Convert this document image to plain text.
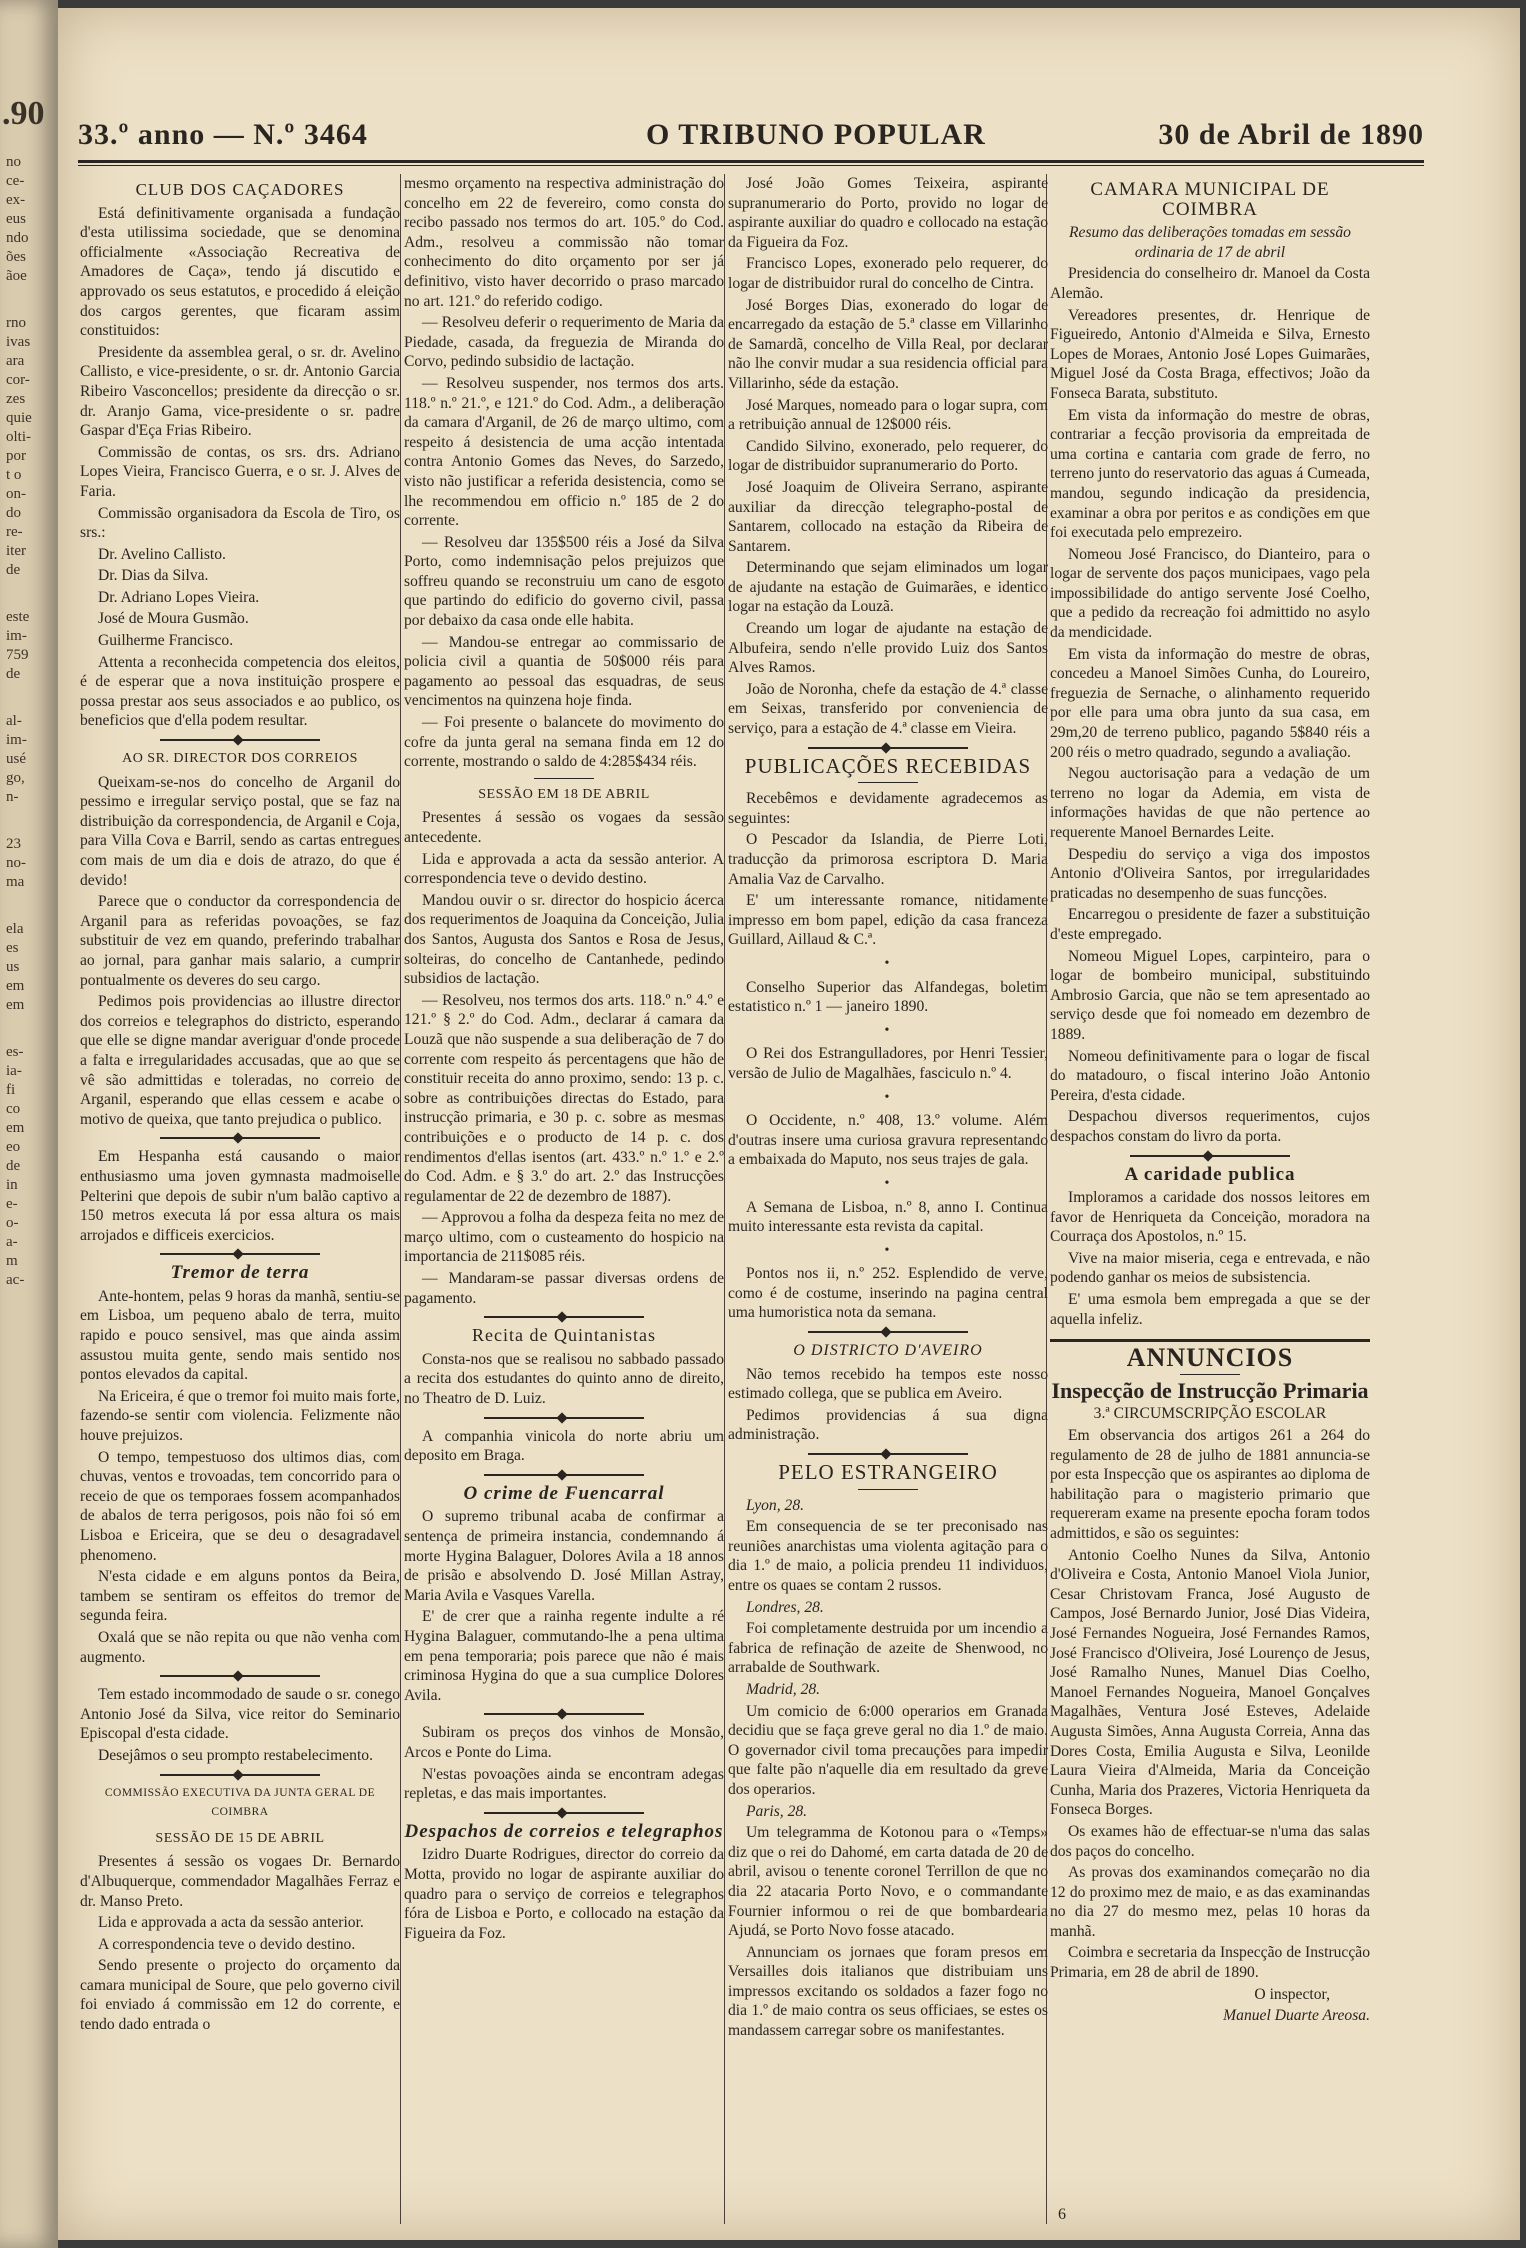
.90
no
ce-
ex-
eus
ndo
ões
ãoe
rno
ivas
ara
cor-
zes
quie
olti-
por
t o
on-
do
re-
iter
de
este
im-
759
de
al-
im-
usé
go,
n-
23
no-
ma
ela
es
us
em
em
es-
ia-
fi
co
em
eo
de
in
e-
o-
a-
m
ac-
33.º anno — N.º 3464	O TRIBUNO POPULAR	30 de Abril de 1890
CLUB DOS CAÇADORES

Está definitivamente organisada a fundação d'esta utilissima sociedade, que se denomina officialmente «Associação Recreativa de Amadores de Caça», tendo já discutido e approvado os seus estatutos, e procedido á eleição dos cargos gerentes, que ficaram assim constituidos:

Presidente da assemblea geral, o sr. dr. Avelino Callisto, e vice-presidente, o sr. dr. Antonio Garcia Ribeiro Vasconcellos; presidente da direcção o sr. dr. Aranjo Gama, vice-presidente o sr. padre Gaspar d'Eça Frias Ribeiro.

Commissão de contas, os srs. drs. Adriano Lopes Vieira, Francisco Guerra, e o sr. J. Alves de Faria.

Commissão organisadora da Escola de Tiro, os srs.:

Dr. Avelino Callisto.

Dr. Dias da Silva.

Dr. Adriano Lopes Vieira.

José de Moura Gusmão.

Guilherme Francisco.

Attenta a reconhecida competencia dos eleitos, é de esperar que a nova instituição prospere e possa prestar aos seus associados e ao publico, os beneficios que d'ella podem resultar.

AO SR. DIRECTOR DOS CORREIOS

Queixam-se-nos do concelho de Arganil do pessimo e irregular serviço postal, que se faz na distribuição da correspondencia, de Arganil e Coja, para Villa Cova e Barril, sendo as cartas entregues com mais de um dia e dois de atrazo, do que é devido!

Parece que o conductor da correspondencia de Arganil para as referidas povoações, se faz substituir de vez em quando, preferindo trabalhar ao jornal, para ganhar mais salario, a cumprir pontualmente os deveres do seu cargo.

Pedimos pois providencias ao illustre director dos correios e telegraphos do districto, esperando que elle se digne mandar averiguar d'onde procede a falta e irregularidades accusadas, que ao que se vê são admittidas e toleradas, no correio de Arganil, esperando que ellas cessem e acabe o motivo de queixa, que tanto prejudica o publico.

Em Hespanha está causando o maior enthusiasmo uma joven gymnasta madmoiselle Pelterini que depois de subir n'um balão captivo a 150 metros executa lá por essa altura os mais arrojados e difficeis exercicios.

Tremor de terra

Ante-hontem, pelas 9 horas da manhã, sentiu-se em Lisboa, um pequeno abalo de terra, muito rapido e pouco sensivel, mas que ainda assim assustou muita gente, sendo mais sentido nos pontos elevados da capital.

Na Ericeira, é que o tremor foi muito mais forte, fazendo-se sentir com violencia. Felizmente não houve prejuizos.

O tempo, tempestuoso dos ultimos dias, com chuvas, ventos e trovoadas, tem concorrido para o receio de que os temporaes fossem acompanhados de abalos de terra perigosos, pois não foi só em Lisboa e Ericeira, que se deu o desagradavel phenomeno.

N'esta cidade e em alguns pontos da Beira, tambem se sentiram os effeitos do tremor de segunda feira.

Oxalá que se não repita ou que não venha com augmento.

Tem estado incommodado de saude o sr. conego Antonio José da Silva, vice reitor do Seminario Episcopal d'esta cidade.

Desejâmos o seu prompto restabelecimento.

COMMISSÃO EXECUTIVA DA JUNTA GERAL DE COIMBRA
SESSÃO DE 15 DE ABRIL

Presentes á sessão os vogaes Dr. Bernardo d'Albuquerque, commendador Magalhães Ferraz e dr. Manso Preto.

Lida e approvada a acta da sessão anterior.

A correspondencia teve o devido destino.

Sendo presente o projecto do orçamento da camara municipal de Soure, que pelo governo civil foi enviado á commissão em 12 do corrente, e tendo dado entrada o

mesmo orçamento na respectiva administração do concelho em 22 de fevereiro, como consta do recibo passado nos termos do art. 105.º do Cod. Adm., resolveu a commissão não tomar conhecimento do dito orçamento por ser já definitivo, visto haver decorrido o praso marcado no art. 121.º do referido codigo.

— Resolveu deferir o requerimento de Maria da Piedade, casada, da freguezia de Miranda do Corvo, pedindo subsidio de lactação.

— Resolveu suspender, nos termos dos arts. 118.º n.º 21.º, e 121.º do Cod. Adm., a deliberação da camara d'Arganil, de 26 de março ultimo, com respeito á desistencia de uma acção intentada contra Antonio Gomes das Neves, do Sarzedo, visto não justificar a referida desistencia, como se lhe recommendou em officio n.º 185 de 2 do corrente.

— Resolveu dar 135$500 réis a José da Silva Porto, como indemnisação pelos prejuizos que soffreu quando se reconstruiu um cano de esgoto que partindo do edificio do governo civil, passa por debaixo da casa onde elle habita.

— Mandou-se entregar ao commissario de policia civil a quantia de 50$000 réis para pagamento ao pessoal das esquadras, de seus vencimentos na quinzena hoje finda.

— Foi presente o balancete do movimento do cofre da junta geral na semana finda em 12 do corrente, mostrando o saldo de 4:285$434 réis.

SESSÃO EM 18 DE ABRIL

Presentes á sessão os vogaes da sessão antecedente.

Lida e approvada a acta da sessão anterior. A correspondencia teve o devido destino.

Mandou ouvir o sr. director do hospicio ácerca dos requerimentos de Joaquina da Conceição, Julia dos Santos, Augusta dos Santos e Rosa de Jesus, solteiras, do concelho de Cantanhede, pedindo subsidios de lactação.

— Resolveu, nos termos dos arts. 118.º n.º 4.º e 121.º § 2.º do Cod. Adm., declarar á camara da Louzã que não suspende a sua deliberação de 7 do corrente com respeito ás percentagens que hão de constituir receita do anno proximo, sendo: 13 p. c. sobre as contribuições directas do Estado, para instrucção primaria, e 30 p. c. sobre as mesmas contribuições e o producto de 14 p. c. dos rendimentos d'ellas isentos (art. 433.º n.º 1.º e 2.º do Cod. Adm. e § 3.º do art. 2.º das Instrucções regulamentar de 22 de dezembro de 1887).

— Approvou a folha da despeza feita no mez de março ultimo, com o custeamento do hospicio na importancia de 211$085 réis.

— Mandaram-se passar diversas ordens de pagamento.

Recita de Quintanistas

Consta-nos que se realisou no sabbado passado a recita dos estudantes do quinto anno de direito, no Theatro de D. Luiz.

A companhia vinicola do norte abriu um deposito em Braga.

O crime de Fuencarral

O supremo tribunal acaba de confirmar a sentença de primeira instancia, condemnando á morte Hygina Balaguer, Dolores Avila a 18 annos de prisão e absolvendo D. José Millan Astray, Maria Avila e Vasques Varella.

E' de crer que a rainha regente indulte a ré Hygina Balaguer, commutando-lhe a pena ultima em pena temporaria; pois parece que não é mais criminosa Hygina do que a sua cumplice Dolores Avila.

Subiram os preços dos vinhos de Monsão, Arcos e Ponte do Lima.

N'estas povoações ainda se encontram adegas repletas, e das mais importantes.

Despachos de correios e telegraphos

Izidro Duarte Rodrigues, director do correio da Motta, provido no logar de aspirante auxiliar do quadro para o serviço de correios e telegraphos fóra de Lisboa e Porto, e collocado na estação da Figueira da Foz.

José João Gomes Teixeira, aspirante supranumerario do Porto, provido no logar de aspirante auxiliar do quadro e collocado na estação da Figueira da Foz.

Francisco Lopes, exonerado pelo requerer, do logar de distribuidor rural do concelho de Cintra.

José Borges Dias, exonerado do logar de encarregado da estação de 5.ª classe em Villarinho de Samardã, concelho de Villa Real, por declarar não lhe convir mudar a sua residencia official para Villarinho, séde da estação.

José Marques, nomeado para o logar supra, com a retribuição annual de 12$000 réis.

Candido Silvino, exonerado, pelo requerer, do logar de distribuidor supranumerario do Porto.

José Joaquim de Oliveira Serrano, aspirante auxiliar da direcção telegrapho-postal de Santarem, collocado na estação da Ribeira de Santarem.

Determinando que sejam eliminados um logar de ajudante na estação de Guimarães, e identico logar na estação da Louzã.

Creando um logar de ajudante na estação de Albufeira, sendo n'elle provido Luiz dos Santos Alves Ramos.

João de Noronha, chefe da estação de 4.ª classe em Seixas, transferido por conveniencia de serviço, para a estação de 4.ª classe em Vieira.

PUBLICAÇÕES RECEBIDAS

Recebêmos e devidamente agradecemos as seguintes:

O Pescador da Islandia, de Pierre Loti, traducção da primorosa escriptora D. Maria Amalia Vaz de Carvalho.

E' um interessante romance, nitidamente impresso em bom papel, edição da casa franceza Guillard, Aillaud & C.ª.

•

Conselho Superior das Alfandegas, boletim estatistico n.º 1 — janeiro 1890.

•

O Rei dos Estrangulladores, por Henri Tessier, versão de Julio de Magalhães, fasciculo n.º 4.

•

O Occidente, n.º 408, 13.º volume. Além d'outras insere uma curiosa gravura representando a embaixada do Maputo, nos seus trajes de gala.

•

A Semana de Lisboa, n.º 8, anno I. Continua muito interessante esta revista da capital.

•

Pontos nos ii, n.º 252. Esplendido de verve, como é de costume, inserindo na pagina central uma humoristica nota da semana.

O DISTRICTO D'AVEIRO

Não temos recebido ha tempos este nosso estimado collega, que se publica em Aveiro.

Pedimos providencias á sua digna administração.

PELO ESTRANGEIRO

Lyon, 28.

Em consequencia de se ter preconisado nas reuniões anarchistas uma violenta agitação para o dia 1.º de maio, a policia prendeu 11 individuos, entre os quaes se contam 2 russos.

Londres, 28.

Foi completamente destruida por um incendio a fabrica de refinação de azeite de Shenwood, no arrabalde de Southwark.

Madrid, 28.

Um comicio de 6:000 operarios em Granada decidiu que se faça greve geral no dia 1.º de maio. O governador civil toma precauções para impedir que falte pão n'aquelle dia em resultado da greve dos operarios.

Paris, 28.

Um telegramma de Kotonou para o «Temps» diz que o rei do Dahomé, em carta datada de 20 de abril, avisou o tenente coronel Terrillon de que no dia 22 atacaria Porto Novo, e o commandante Fournier informou o rei de que bombardearia Ajudá, se Porto Novo fosse atacado.

Annunciam os jornaes que foram presos em Versailles dois italianos que distribuiam uns impressos excitando os soldados a fazer fogo no dia 1.º de maio contra os seus officiaes, se estes os mandassem carregar sobre os manifestantes.

CAMARA MUNICIPAL DE COIMBRA

Resumo das deliberações tomadas em sessão ordinaria de 17 de abril

Presidencia do conselheiro dr. Manoel da Costa Alemão.

Vereadores presentes, dr. Henrique de Figueiredo, Antonio d'Almeida e Silva, Ernesto Lopes de Moraes, Antonio José Lopes Guimarães, Miguel José da Costa Braga, effectivos; João da Fonseca Barata, substituto.

Em vista da informação do mestre de obras, contrariar a fecção provisoria da empreitada de uma cortina e cantaria com grade de ferro, no terreno junto do reservatorio das aguas á Cumeada, mandou, segundo indicação da presidencia, examinar a obra por peritos e as condições em que foi executada pelo emprezeiro.

Nomeou José Francisco, do Dianteiro, para o logar de servente dos paços municipaes, vago pela impossibilidade do antigo servente José Coelho, que a pedido da recreação foi admittido no asylo da mendicidade.

Em vista da informação do mestre de obras, concedeu a Manoel Simões Cunha, do Loureiro, freguezia de Sernache, o alinhamento requerido por elle para uma obra junto da sua casa, em 29m,20 de terreno publico, pagando 5$840 réis a 200 réis o metro quadrado, segundo a avaliação.

Negou auctorisação para a vedação de um terreno no logar da Ademia, em vista de informações havidas de que não pertence ao requerente Manoel Bernardes Leite.

Despediu do serviço a viga dos impostos Antonio d'Oliveira Santos, por irregularidades praticadas no desempenho de suas funcções.

Encarregou o presidente de fazer a substituição d'este empregado.

Nomeou Miguel Lopes, carpinteiro, para o logar de bombeiro municipal, substituindo Ambrosio Garcia, que não se tem apresentado ao serviço desde que foi nomeado em dezembro de 1889.

Nomeou definitivamente para o logar de fiscal do matadouro, o fiscal interino João Antonio Pereira, d'esta cidade.

Despachou diversos requerimentos, cujos despachos constam do livro da porta.

A caridade publica

Imploramos a caridade dos nossos leitores em favor de Henriqueta da Conceição, moradora na Courraça dos Apostolos, n.º 15.

Vive na maior miseria, cega e entrevada, e não podendo ganhar os meios de subsistencia.

E' uma esmola bem empregada a que se der aquella infeliz.

ANNUNCIOS
Inspecção de Instrucção Primaria

3.ª CIRCUMSCRIPÇÃO ESCOLAR

Em observancia dos artigos 261 a 264 do regulamento de 28 de julho de 1881 annuncia-se por esta Inspecção que os aspirantes ao diploma de habilitação para o magisterio primario que requereram exame na presente epocha foram todos admittidos, e são os seguintes:

Antonio Coelho Nunes da Silva, Antonio d'Oliveira e Costa, Antonio Manoel Viola Junior, Cesar Christovam Franca, José Augusto de Campos, José Bernardo Junior, José Dias Videira, José Fernandes Nogueira, José Fernandes Ramos, José Francisco d'Oliveira, José Lourenço de Jesus, José Ramalho Nunes, Manuel Dias Coelho, Manoel Fernandes Nogueira, Manoel Gonçalves Magalhães, Ventura José Esteves, Adelaide Augusta Simões, Anna Augusta Correia, Anna das Dores Costa, Emilia Augusta e Silva, Leonilde Laura Vieira d'Almeida, Maria da Conceição Cunha, Maria dos Prazeres, Victoria Henriqueta da Fonseca Borges.

Os exames hão de effectuar-se n'uma das salas dos paços do concelho.

As provas dos examinandos começarão no dia 12 do proximo mez de maio, e as das examinandas no dia 27 do mesmo mez, pelas 10 horas da manhã.

Coimbra e secretaria da Inspecção de Instrucção Primaria, em 28 de abril de 1890.

O inspector,

Manuel Duarte Areosa.

6
